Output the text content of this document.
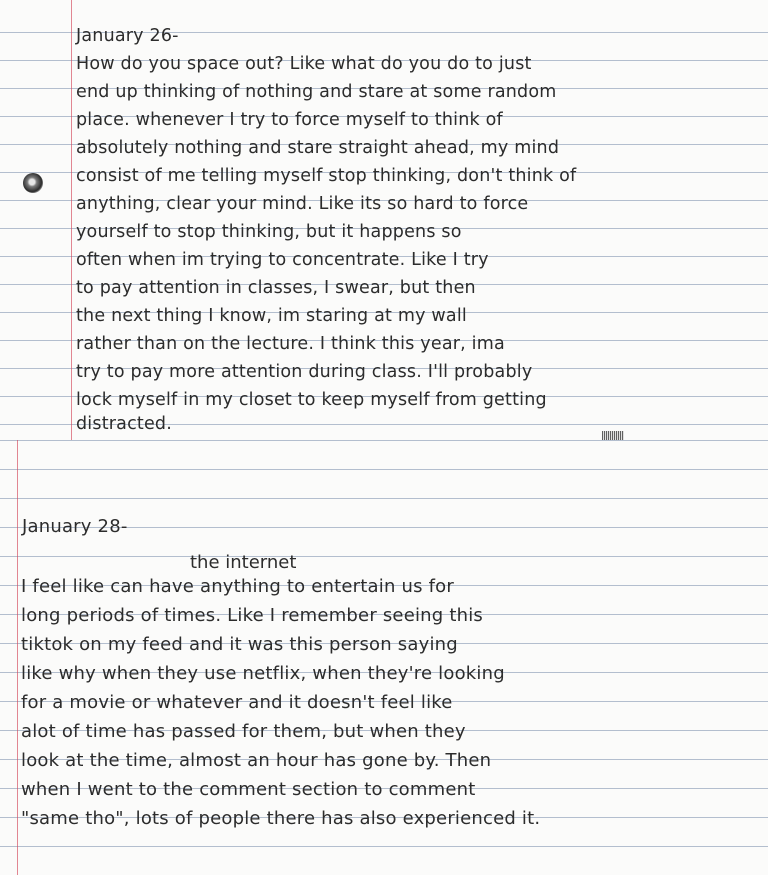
January 26-

How do you space out? Like what do you do to just

end up thinking of nothing and stare at some random

place. whenever I try to force myself to think of

absolutely nothing and stare straight ahead, my mind

consist of me telling myself stop thinking, don't think of

anything, clear your mind. Like its so hard to force

yourself to stop thinking, but it happens so

often when im trying to concentrate. Like I try

to pay attention in classes, I swear, but then

the next thing I know, im staring at my wall

rather than on the lecture. I think this year, ima

try to pay more attention during class. I'll probably

lock myself in my closet to keep myself from getting

distracted.

January 28-

the internet

I feel like can have anything to entertain us for

long periods of times. Like I remember seeing this

tiktok on my feed and it was this person saying

like why when they use netflix, when they're looking

for a movie or whatever and it doesn't feel like

alot of time has passed for them, but when they

look at the time, almost an hour has gone by. Then

when I went to the comment section to comment

"same tho", lots of people there has also experienced it.
